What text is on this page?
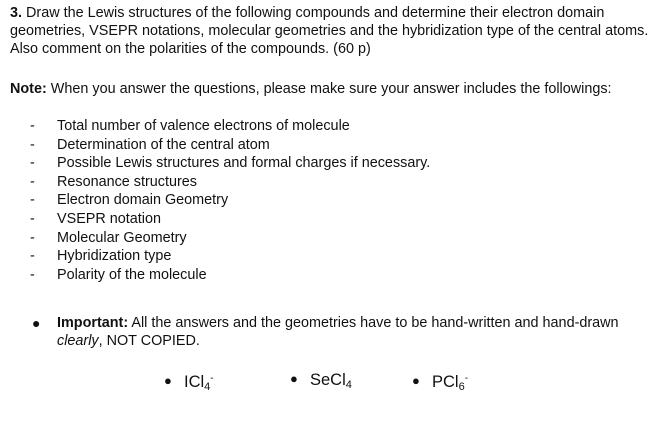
3. Draw the Lewis structures of the following compounds and determine their electron domain geometries, VSEPR notations, molecular geometries and the hybridization type of the central atoms. Also comment on the polarities of the compounds. (60 p)

Note: When you answer the questions, please make sure your answer includes the followings:

-	Total number of valence electrons of molecule
-	Determination of the central atom
-	Possible Lewis structures and formal charges if necessary.
-	Resonance structures
-	Electron domain Geometry
-	VSEPR notation
-	Molecular Geometry
-	Hybridization type
-	Polarity of the molecule
●	Important: All the answers and the geometries have to be hand-written and hand-drawn clearly, NOT COPIED.
● ICl$_4$-	● SeCl$_4$	● PCl$_6$-
